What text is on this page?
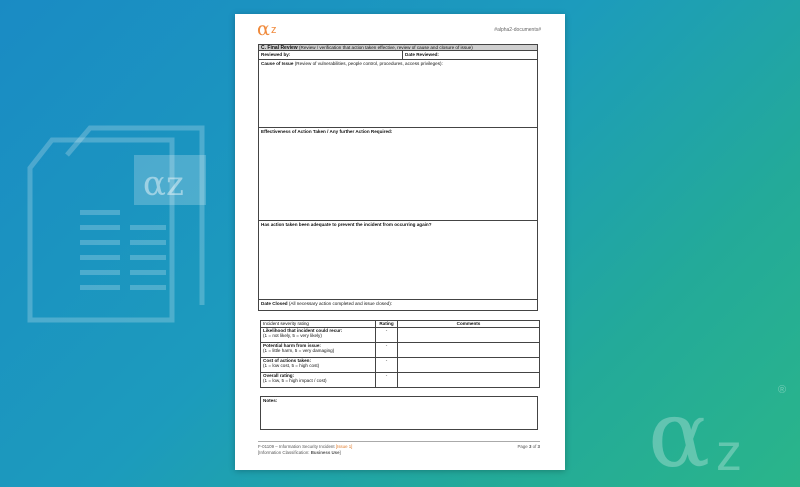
αz
α z
®
α z	#alpha2-documents#
C. Final Review (Review / verification that action taken effective, review of cause and closure of issue)
Reviewed by:	Date Reviewed:
Cause of Issue (Review of vulnerabilities, people control, procedures, access privileges):
Effectiveness of Action Taken / Any further Action Required:
Has action taken been adequate to prevent the incident from occurring again?
Date Closed (All necessary action completed and issue closed):
Incident severity rating	Rating	Comments
Likelihood that incident could recur:
(1 = not likely, 5 = very likely)	-	
Potential harm from issue:
(1 = little harm, 5 = very damaging)	-	
Cost of actions taken:
(1 = low cost, 5 = high cost)	-	
Overall rating:
(1 = low, 5 = high impact / cost)	-	
Notes:
F-01109 – Information Security Incident [Issue 1]
[Information Classification: Business Use]
Page 3 of 3
